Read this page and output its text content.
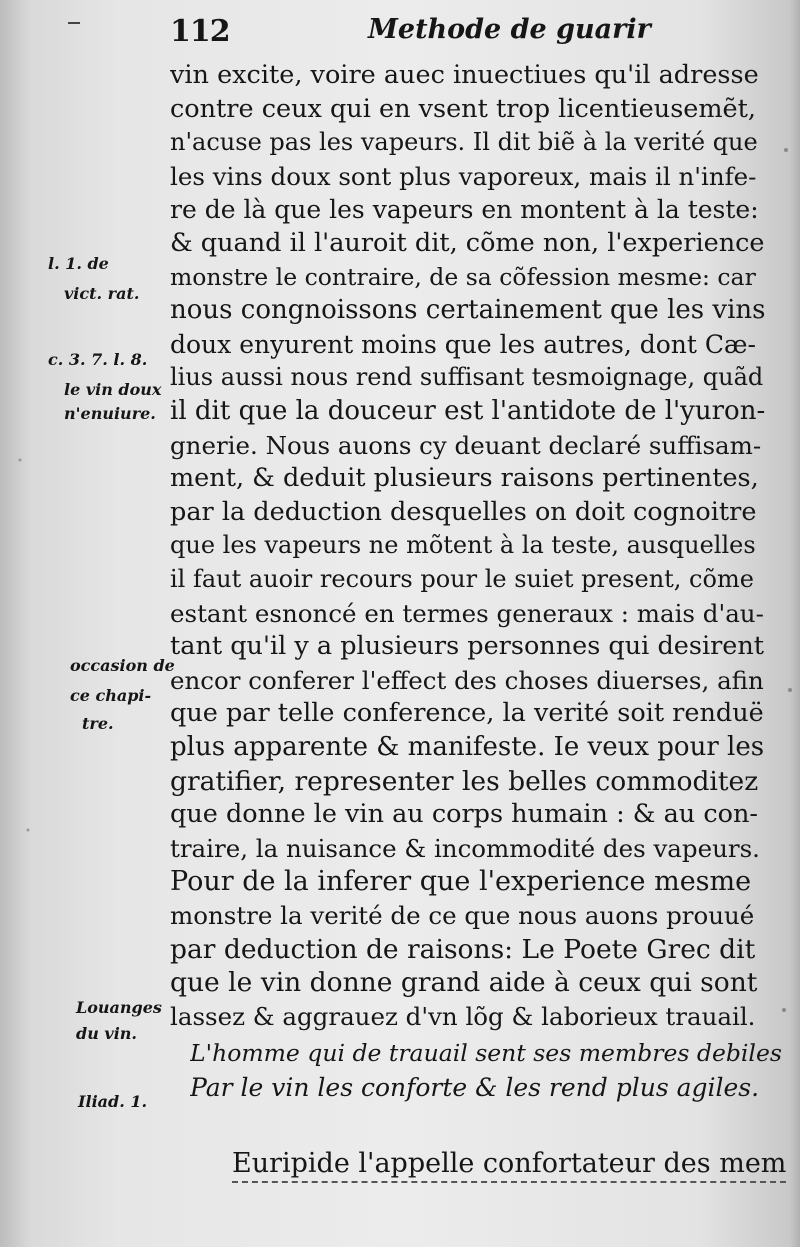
112	Methode de guarir
vin excite, voire auec inuectiues qu'il adresse
contre ceux qui en vsent trop licentieusemẽt,
n'acuse pas les vapeurs. Il dit biẽ à la verité que
les vins doux sont plus vaporeux, mais il n'infe-
re de là que les vapeurs en montent à la teste:
& quand il l'auroit dit, cõme non, l'experience
monstre le contraire, de sa cõfession mesme: car
nous congnoissons certainement que les vins
doux enyurent moins que les autres, dont Cæ-
lius aussi nous rend suffisant tesmoignage, quãd
il dit que la douceur est l'antidote de l'yuron-
gnerie. Nous auons cy deuant declaré suffisam-
ment, & deduit plusieurs raisons pertinentes,
par la deduction desquelles on doit cognoitre
que les vapeurs ne mõtent à la teste, ausquelles
il faut auoir recours pour le suiet present, cõme
estant esnoncé en termes generaux : mais d'au-
tant qu'il y a plusieurs personnes qui desirent
encor conferer l'effect des choses diuerses, afin
que par telle conference, la verité soit renduë
plus apparente & manifeste. Ie veux pour les
gratifier, representer les belles commoditez
que donne le vin au corps humain : & au con-
traire, la nuisance & incommodité des vapeurs.
Pour de la inferer que l'experience mesme
monstre la verité de ce que nous auons prouué
par deduction de raisons: Le Poete Grec dit
que le vin donne grand aide à ceux qui sont
lassez & aggrauez d'vn lõg & laborieux trauail.
L'homme qui de trauail sent ses membres debiles
Par le vin les conforte & les rend plus agiles.
Euripide l'appelle confortateur des mem
l. 1. de
vict. rat.
c. 3. 7. l. 8.
le vin doux
n'enuiure.
occasion de
ce chapi-
tre.
Louanges
du vin.
Iliad. 1.
